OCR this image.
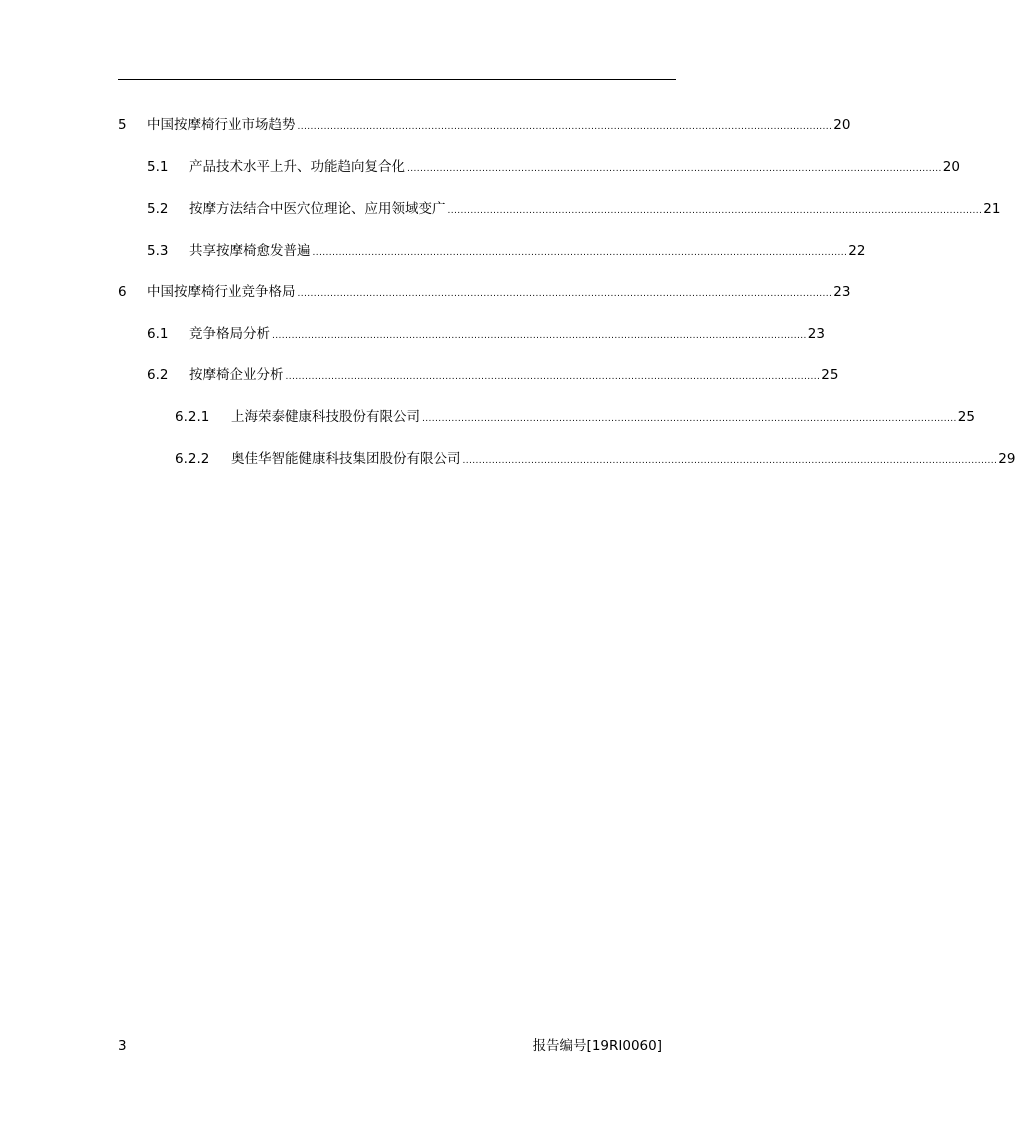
5 中国按摩椅行业市场趋势 .................................................................................................................................................................... 20
5.1 产品技术水平上升、功能趋向复合化 .................................................................................................................................................................... 20
5.2 按摩方法结合中医穴位理论、应用领域变广 .................................................................................................................................................................... 21
5.3 共享按摩椅愈发普遍 .................................................................................................................................................................... 22
6 中国按摩椅行业竞争格局 .................................................................................................................................................................... 23
6.1 竞争格局分析 .................................................................................................................................................................... 23
6.2 按摩椅企业分析 .................................................................................................................................................................... 25
6.2.1 上海荣泰健康科技股份有限公司 .................................................................................................................................................................... 25
6.2.2 奥佳华智能健康科技集团股份有限公司 .................................................................................................................................................................... 29
3	报告编号[19RI0060]
